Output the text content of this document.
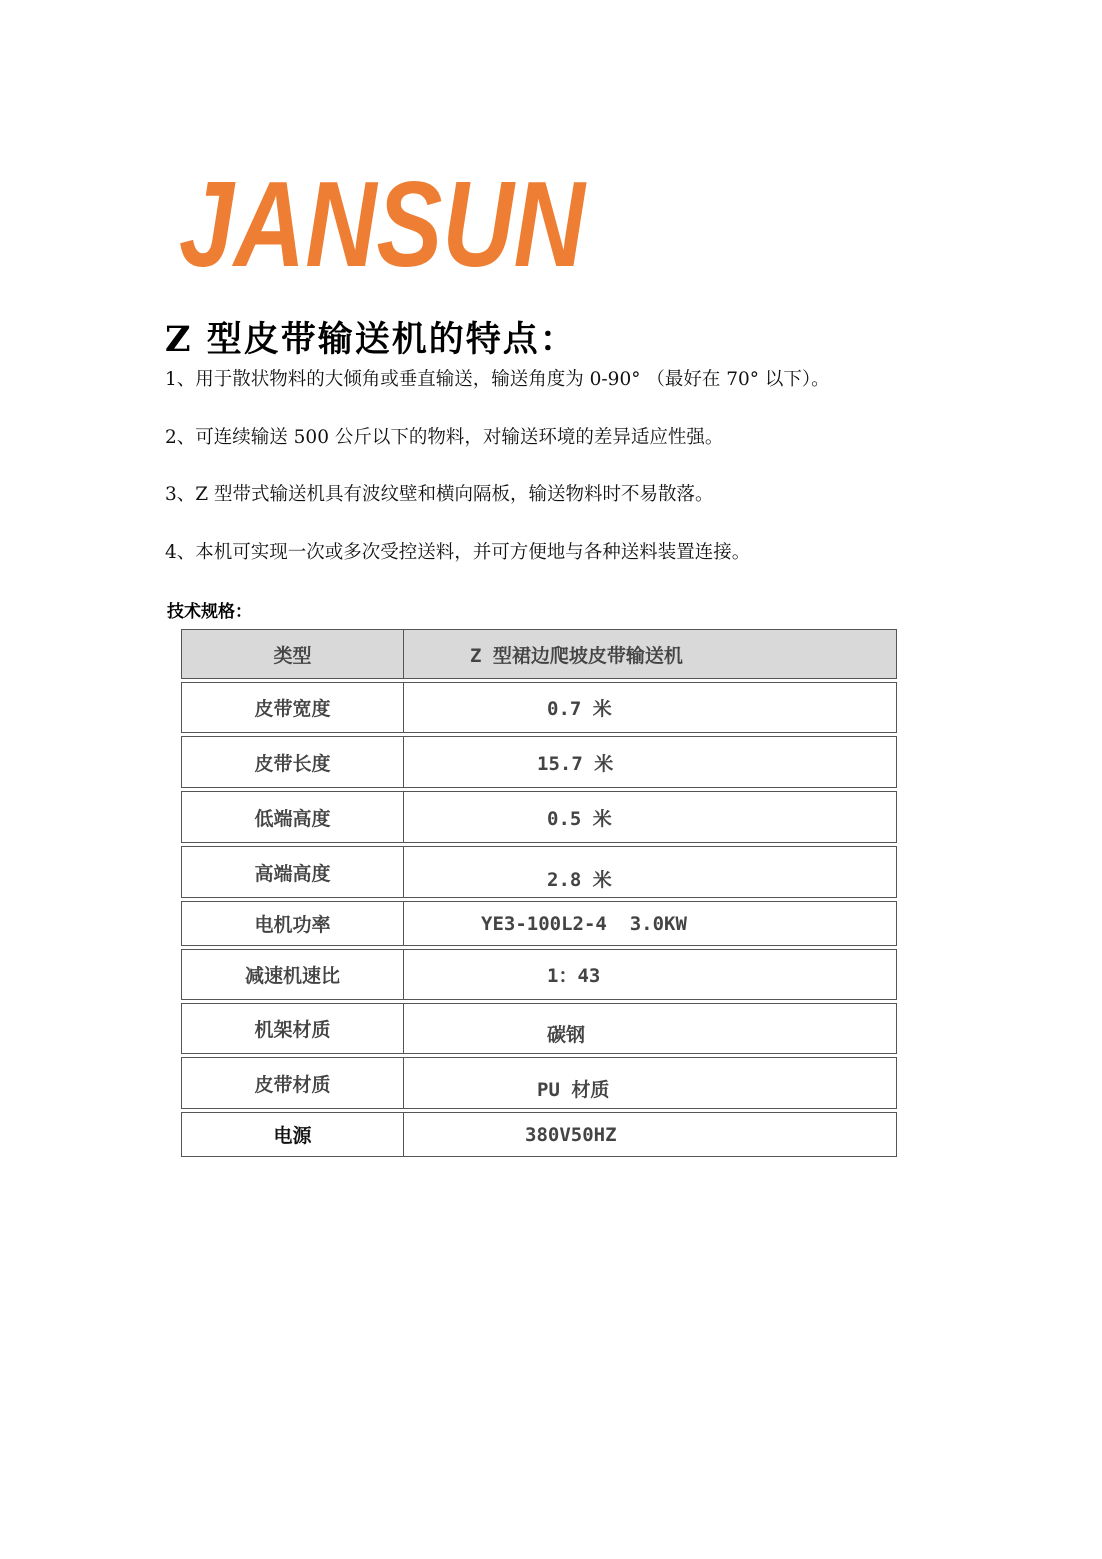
JANSUN
Z 型皮带输送机的特点：
1、用于散状物料的大倾角或垂直输送，输送角度为 0-90° （最好在 70° 以下）。
2、可连续输送 500 公斤以下的物料，对输送环境的差异适应性强。
3、Z 型带式输送机具有波纹壁和横向隔板，输送物料时不易散落。
4、本机可实现一次或多次受控送料，并可方便地与各种送料装置连接。
技术规格：
类型	Z 型裙边爬坡皮带输送机
皮带宽度	0.7 米
皮带长度	15.7 米
低端高度	0.5 米
高端高度	2.8 米
电机功率	YE3-100L2-4  3.0KW
减速机速比	1：43
机架材质	碳钢
皮带材质	PU 材质
电源	380V50HZ
